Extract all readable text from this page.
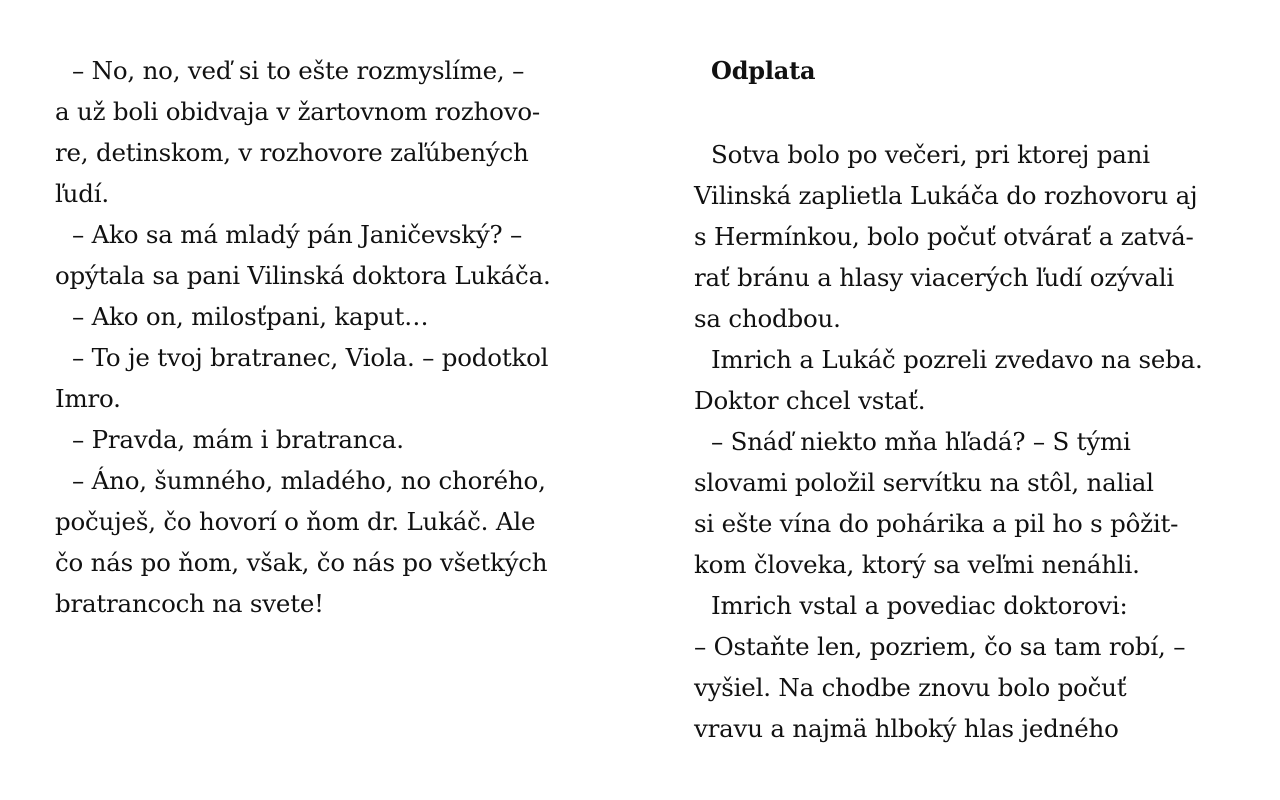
– No, no, veď si to ešte rozmyslíme, –
a už boli obidvaja v žartovnom rozhovo-
re, detinskom, v rozhovore zaľúbených
ľudí.
– Ako sa má mladý pán Janičevský? –
opýtala sa pani Vilinská doktora Lukáča.
– Ako on, milosťpani, kaput…
– To je tvoj bratranec, Viola. – podotkol
Imro.
– Pravda, mám i bratranca.
– Áno, šumného, mladého, no chorého,
počuješ, čo hovorí o ňom dr. Lukáč. Ale
čo nás po ňom, však, čo nás po všetkých
bratrancoch na svete!
Odplata
Sotva bolo po večeri, pri ktorej pani
Vilinská zaplietla Lukáča do rozhovoru aj
s Hermínkou, bolo počuť otvárať a zatvá-
rať bránu a hlasy viacerých ľudí ozývali
sa chodbou.
Imrich a Lukáč pozreli zvedavo na seba.
Doktor chcel vstať.
– Snáď niekto mňa hľadá? – S tými
slovami položil servítku na stôl, nalial
si ešte vína do pohárika a pil ho s pôžit-
kom človeka, ktorý sa veľmi nenáhli.
Imrich vstal a povediac doktorovi:
– Ostaňte len, pozriem, čo sa tam robí, –
vyšiel. Na chodbe znovu bolo počuť
vravu a najmä hlboký hlas jedného
